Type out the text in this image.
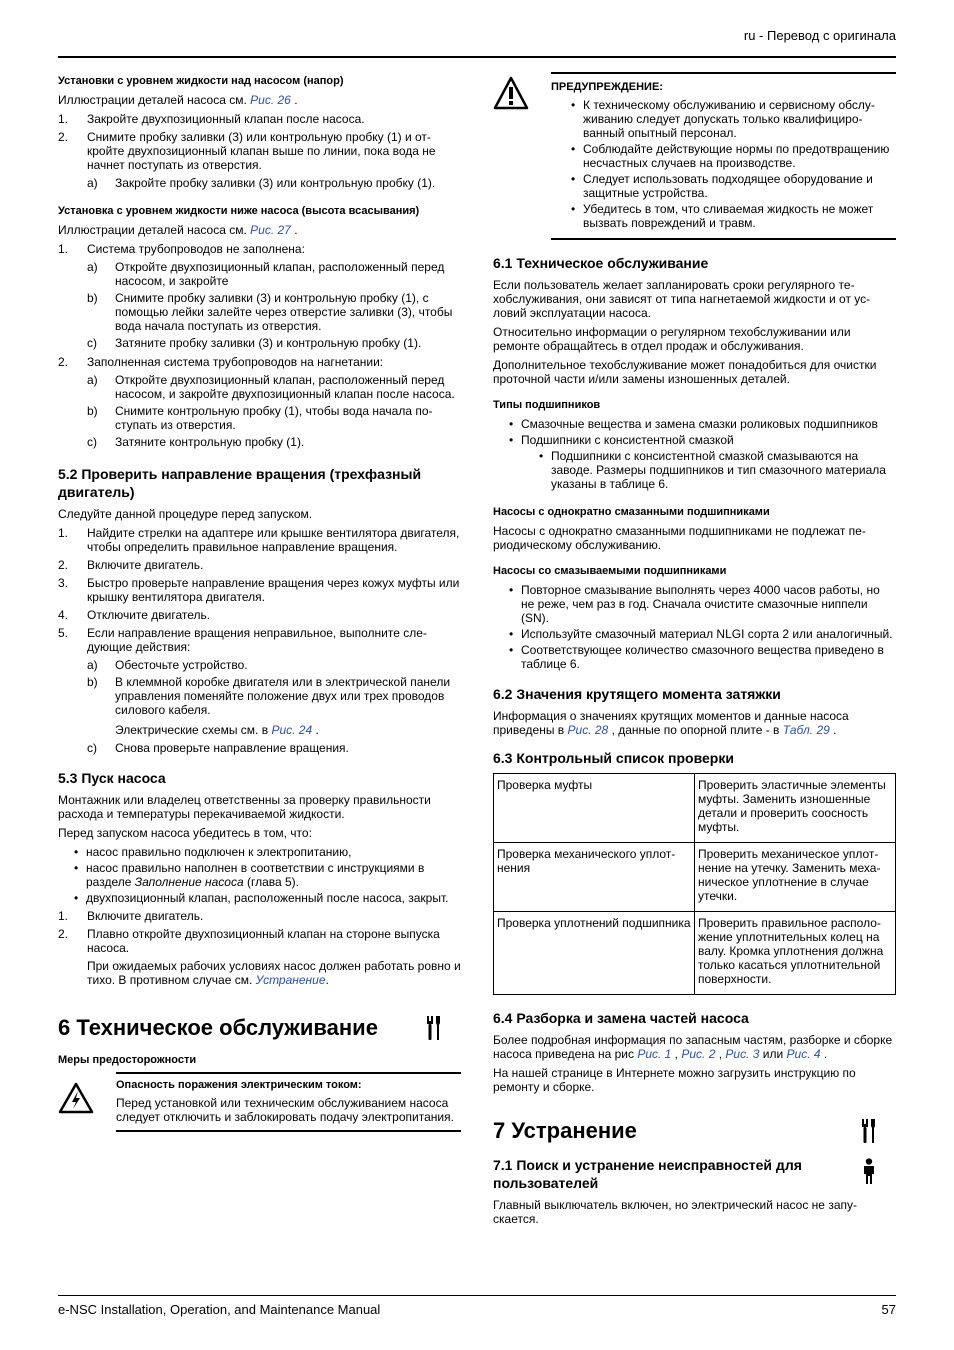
ru - Перевод с оригинала
Установки с уровнем жидкости над насосом (напор)

Иллюстрации деталей насоса см. Рис. 26 .

1.	Закройте двухпозиционный клапан после насоса.
2.	Снимите пробку заливки (3) или контрольную пробку (1) и откройте двухпозиционный клапан выше по линии, пока вода не начнет поступать из отверстия.
a)	Закройте пробку заливки (3) или контрольную пробку (1).
Установка с уровнем жидкости ниже насоса (высота всасывания)

Иллюстрации деталей насоса см. Рис. 27 .

1.	Система трубопроводов не заполнена:
a)	Откройте двухпозиционный клапан, расположенный перед насосом, и закройте
b)	Снимите пробку заливки (3) и контрольную пробку (1), с помощью лейки залейте через отверстие заливки (3), чтобы вода начала поступать из отверстия.
c)	Затяните пробку заливки (3) и контрольную пробку (1).
2.	Заполненная система трубопроводов на нагнетании:
a)	Откройте двухпозиционный клапан, расположенный перед насосом, и закройте двухпозиционный клапан после насоса.
b)	Снимите контрольную пробку (1), чтобы вода начала поступать из отверстия.
c)	Затяните контрольную пробку (1).
5.2 Проверить направление вращения (трехфазный двигатель)

Следуйте данной процедуре перед запуском.

1.	Найдите стрелки на адаптере или крышке вентилятора двигателя, чтобы определить правильное направление вращения.
2.	Включите двигатель.
3.	Быстро проверьте направление вращения через кожух муфты или крышку вентилятора двигателя.
4.	Отключите двигатель.
5.	Если направление вращения неправильное, выполните следующие действия:
a)	Обесточьте устройство.
b)	В клеммной коробке двигателя или в электрической панели управления поменяйте положение двух или трех проводов силового кабеля.
Электрические схемы см. в Рис. 24 .
c)	Снова проверьте направление вращения.
5.3 Пуск насоса

Монтажник или владелец ответственны за проверку правильности расхода и температуры перекачиваемой жидкости.

Перед запуском насоса убедитесь в том, что:

• насос правильно подключен к электропитанию,
• насос правильно наполнен в соответствии с инструкциями в разделе Заполнение насоса (глава 5).
• двухпозиционный клапан, расположенный после насоса, закрыт.
1.	Включите двигатель.
2.	Плавно откройте двухпозиционный клапан на стороне выпуска насоса.
При ожидаемых рабочих условиях насос должен работать ровно и тихо. В противном случае см. Устранение.
6 Техническое обслуживание
Меры предосторожности
Опасность поражения электрическим током:
Перед установкой или техническим обслуживанием насоса следует отключить и заблокировать подачу электропитания.
ПРЕДУПРЕЖДЕНИЕ:
• К техническому обслуживанию и сервисному обслуживанию следует допускать только квалифицированный опытный персонал.
• Соблюдайте действующие нормы по предотвращению несчастных случаев на производстве.
• Следует использовать подходящее оборудование и защитные устройства.
• Убедитесь в том, что сливаемая жидкость не может вызвать повреждений и травм.
6.1 Техническое обслуживание

Если пользователь желает запланировать сроки регулярного техобслуживания, они зависят от типа нагнетаемой жидкости и от условий эксплуатации насоса.

Относительно информации о регулярном техобслуживании или ремонте обращайтесь в отдел продаж и обслуживания.

Дополнительное техобслуживание может понадобиться для очистки проточной части и/или замены изношенных деталей.

Типы подшипников
• Смазочные вещества и замена смазки роликовых подшипников
• Подшипники с консистентной смазкой
• Подшипники с консистентной смазкой смазываются на заводе. Размеры подшипников и тип смазочного материала указаны в таблице 6.
Насосы с однократно смазанными подшипниками

Насосы с однократно смазанными подшипниками не подлежат периодическому обслуживанию.

Насосы со смазываемыми подшипниками
• Повторное смазывание выполнять через 4000 часов работы, но не реже, чем раз в год. Сначала очистите смазочные ниппели (SN).
• Используйте смазочный материал NLGI сорта 2 или аналогичный.
• Соответствующее количество смазочного вещества приведено в таблице 6.
6.2 Значения крутящего момента затяжки

Информация о значениях крутящих моментов и данные насоса приведены в Рис. 28 , данные по опорной плите - в Табл. 29 .

6.3 Контрольный список проверки
Проверка муфты	Проверить эластичные элементы муфты. Заменить изношенные детали и проверить соосность муфты.
Проверка механического уплотнения	Проверить механическое уплотнение на утечку. Заменить механическое уплотнение в случае утечки.
Проверка уплотнений подшипника	Проверить правильное расположение уплотнительных колец на валу. Кромка уплотнения должна только касаться уплотнительной поверхности.
6.4 Разборка и замена частей насоса

Более подробная информация по запасным частям, разборке и сборке насоса приведена на рис Рис. 1 , Рис. 2 , Рис. 3 или Рис. 4 .

На нашей странице в Интернете можно загрузить инструкцию по ремонту и сборке.

7 Устранение
7.1 Поиск и устранение неисправностей для пользователей

Главный выключатель включен, но электрический насос не запускается.

e-NSC Installation, Operation, and Maintenance Manual	57
